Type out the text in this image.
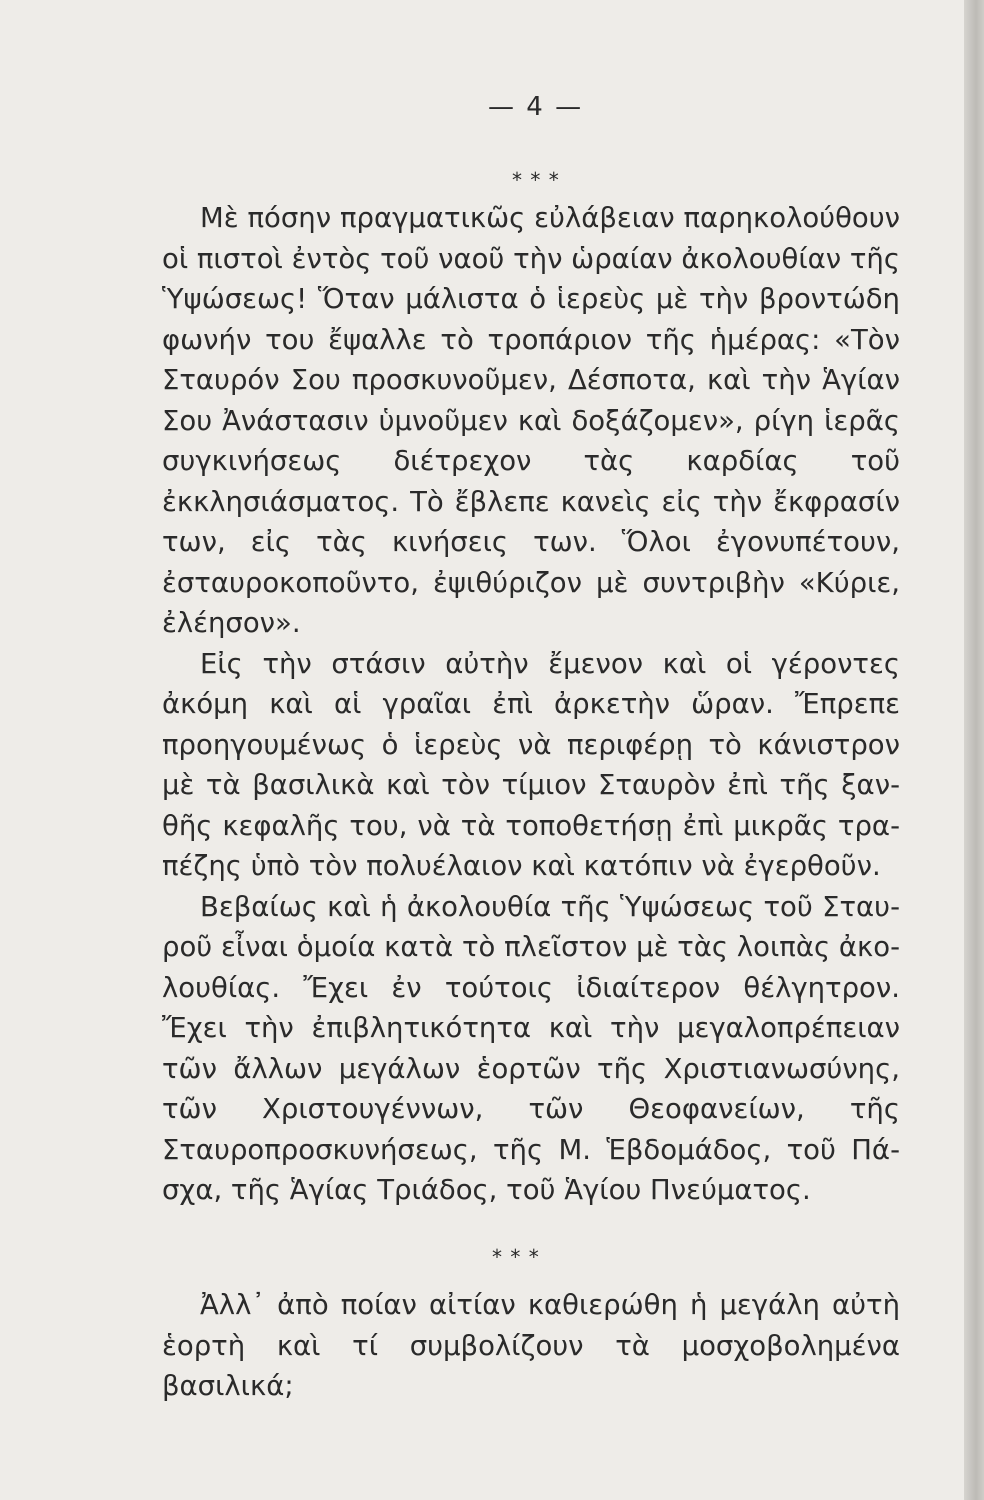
— 4 —
* * *

Μὲ πόσην πραγματικῶς εὐλάβειαν παρηκολούθουν οἱ πιστοὶ ἐντὸς τοῦ ναοῦ τὴν ὡραίαν ἀκολουθίαν τῆς Ὑψώσεως! Ὅταν μάλιστα ὁ ἱερεὺς μὲ τὴν βροντώδη φωνήν του ἔψαλλε τὸ τροπάριον τῆς ἡμέρας: «Τὸν Σταυρόν Σου προσκυνοῦμεν, Δέσποτα, καὶ τὴν Ἁγίαν Σου Ἀνάστασιν ὑμνοῦμεν καὶ δοξάζομεν», ρίγη ἱερᾶς συγκινήσεως διέτρεχον τὰς καρδίας τοῦ ἐκκλησιάσματος. Τὸ ἔβλεπε κανεὶς εἰς τὴν ἔκφρασίν των, εἰς τὰς κινήσεις των. Ὅλοι ἐγονυπέτουν, ἐσταυροκοποῦντο, ἐψιθύριζον μὲ συντριβὴν «Κύριε, ἐλέησον».

Εἰς τὴν στάσιν αὐτὴν ἔμενον καὶ οἱ γέροντες ἀκόμη καὶ αἱ γραῖαι ἐπὶ ἀρκετὴν ὥραν. Ἔπρεπε προηγουμένως ὁ ἱερεὺς νὰ περιφέρῃ τὸ κάνιστρον μὲ τὰ βασιλικὰ καὶ τὸν τίμιον Σταυρὸν ἐπὶ τῆς ξανθῆς κεφαλῆς του, νὰ τὰ τοποθετήσῃ ἐπὶ μικρᾶς τραπέζης ὑπὸ τὸν πολυέλαιον καὶ κατόπιν νὰ ἐγερθοῦν.

Βεβαίως καὶ ἡ ἀκολουθία τῆς Ὑψώσεως τοῦ Σταυροῦ εἶναι ὁμοία κατὰ τὸ πλεῖστον μὲ τὰς λοιπὰς ἀκολουθίας. Ἔχει ἐν τούτοις ἰδιαίτερον θέλγητρον. Ἔχει τὴν ἐπιβλητικότητα καὶ τὴν μεγαλοπρέπειαν τῶν ἄλλων μεγάλων ἑορτῶν τῆς Χριστιανωσύνης, τῶν Χριστουγέννων, τῶν Θεοφανείων, τῆς Σταυροπροσκυνήσεως, τῆς Μ. Ἑβδομάδος, τοῦ Πάσχα, τῆς Ἁγίας Τριάδος, τοῦ Ἁγίου Πνεύματος.

* * *

Ἀλλ᾽ ἀπὸ ποίαν αἰτίαν καθιερώθη ἡ μεγάλη αὐτὴ ἑορτὴ καὶ τί συμβολίζουν τὰ μοσχοβολημένα βασιλικά;
